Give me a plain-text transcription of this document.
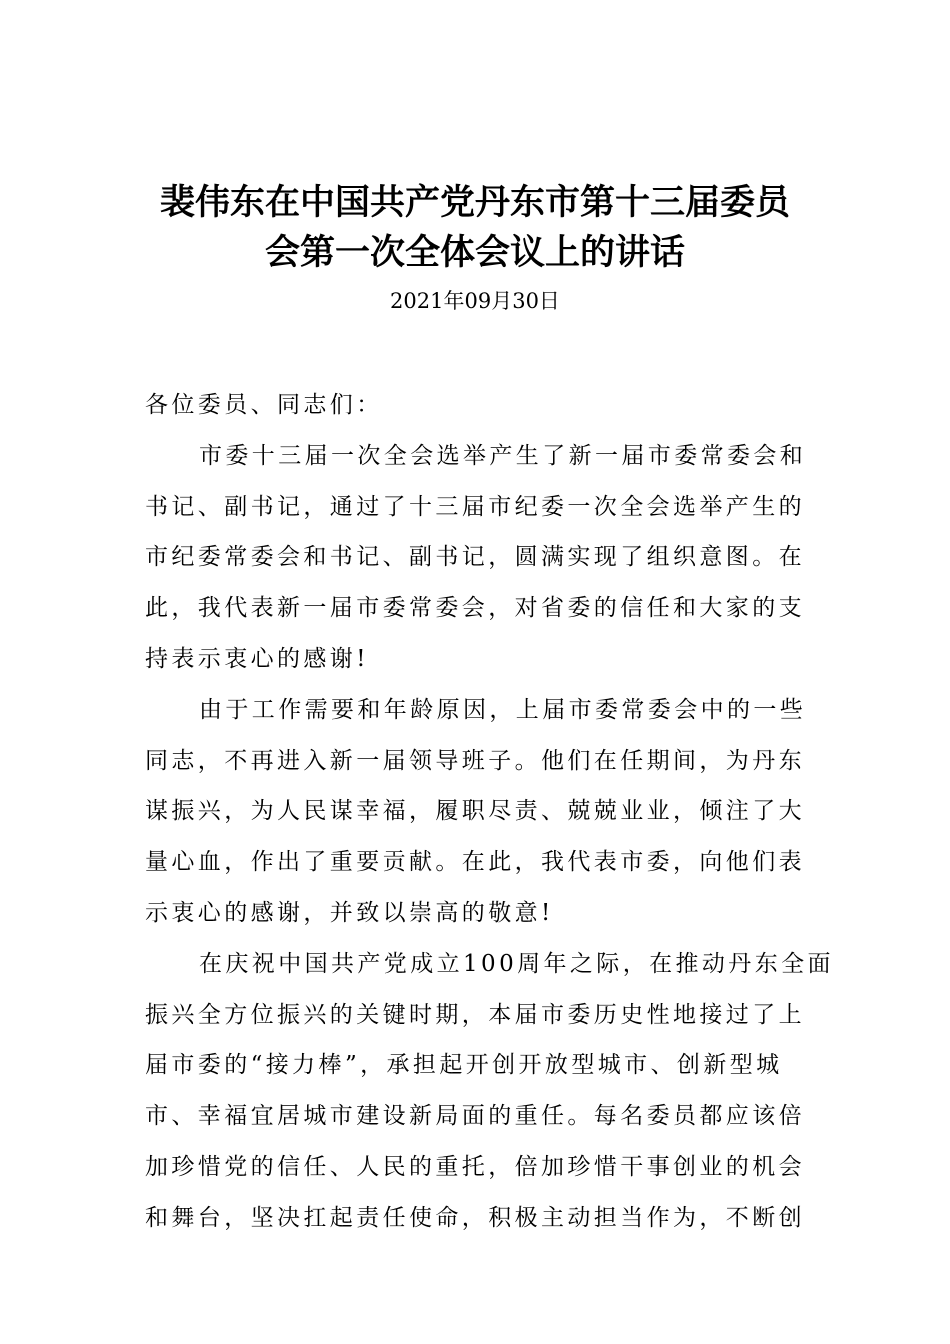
裴伟东在中国共产党丹东市第十三届委员
会第一次全体会议上的讲话
2021年09月30日
各位委员、同志们：
市委十三届一次全会选举产生了新一届市委常委会和
书记、副书记，通过了十三届市纪委一次全会选举产生的
市纪委常委会和书记、副书记，圆满实现了组织意图。在
此，我代表新一届市委常委会，对省委的信任和大家的支
持表示衷心的感谢!
由于工作需要和年龄原因，上届市委常委会中的一些
同志，不再进入新一届领导班子。他们在任期间，为丹东
谋振兴，为人民谋幸福，履职尽责、兢兢业业，倾注了大
量心血，作出了重要贡献。在此，我代表市委，向他们表
示衷心的感谢，并致以崇高的敬意!
在庆祝中国共产党成立100周年之际，在推动丹东全面
振兴全方位振兴的关键时期，本届市委历史性地接过了上
届市委的“接力棒”，承担起开创开放型城市、创新型城
市、幸福宜居城市建设新局面的重任。每名委员都应该倍
加珍惜党的信任、人民的重托，倍加珍惜干事创业的机会
和舞台，坚决扛起责任使命，积极主动担当作为，不断创
